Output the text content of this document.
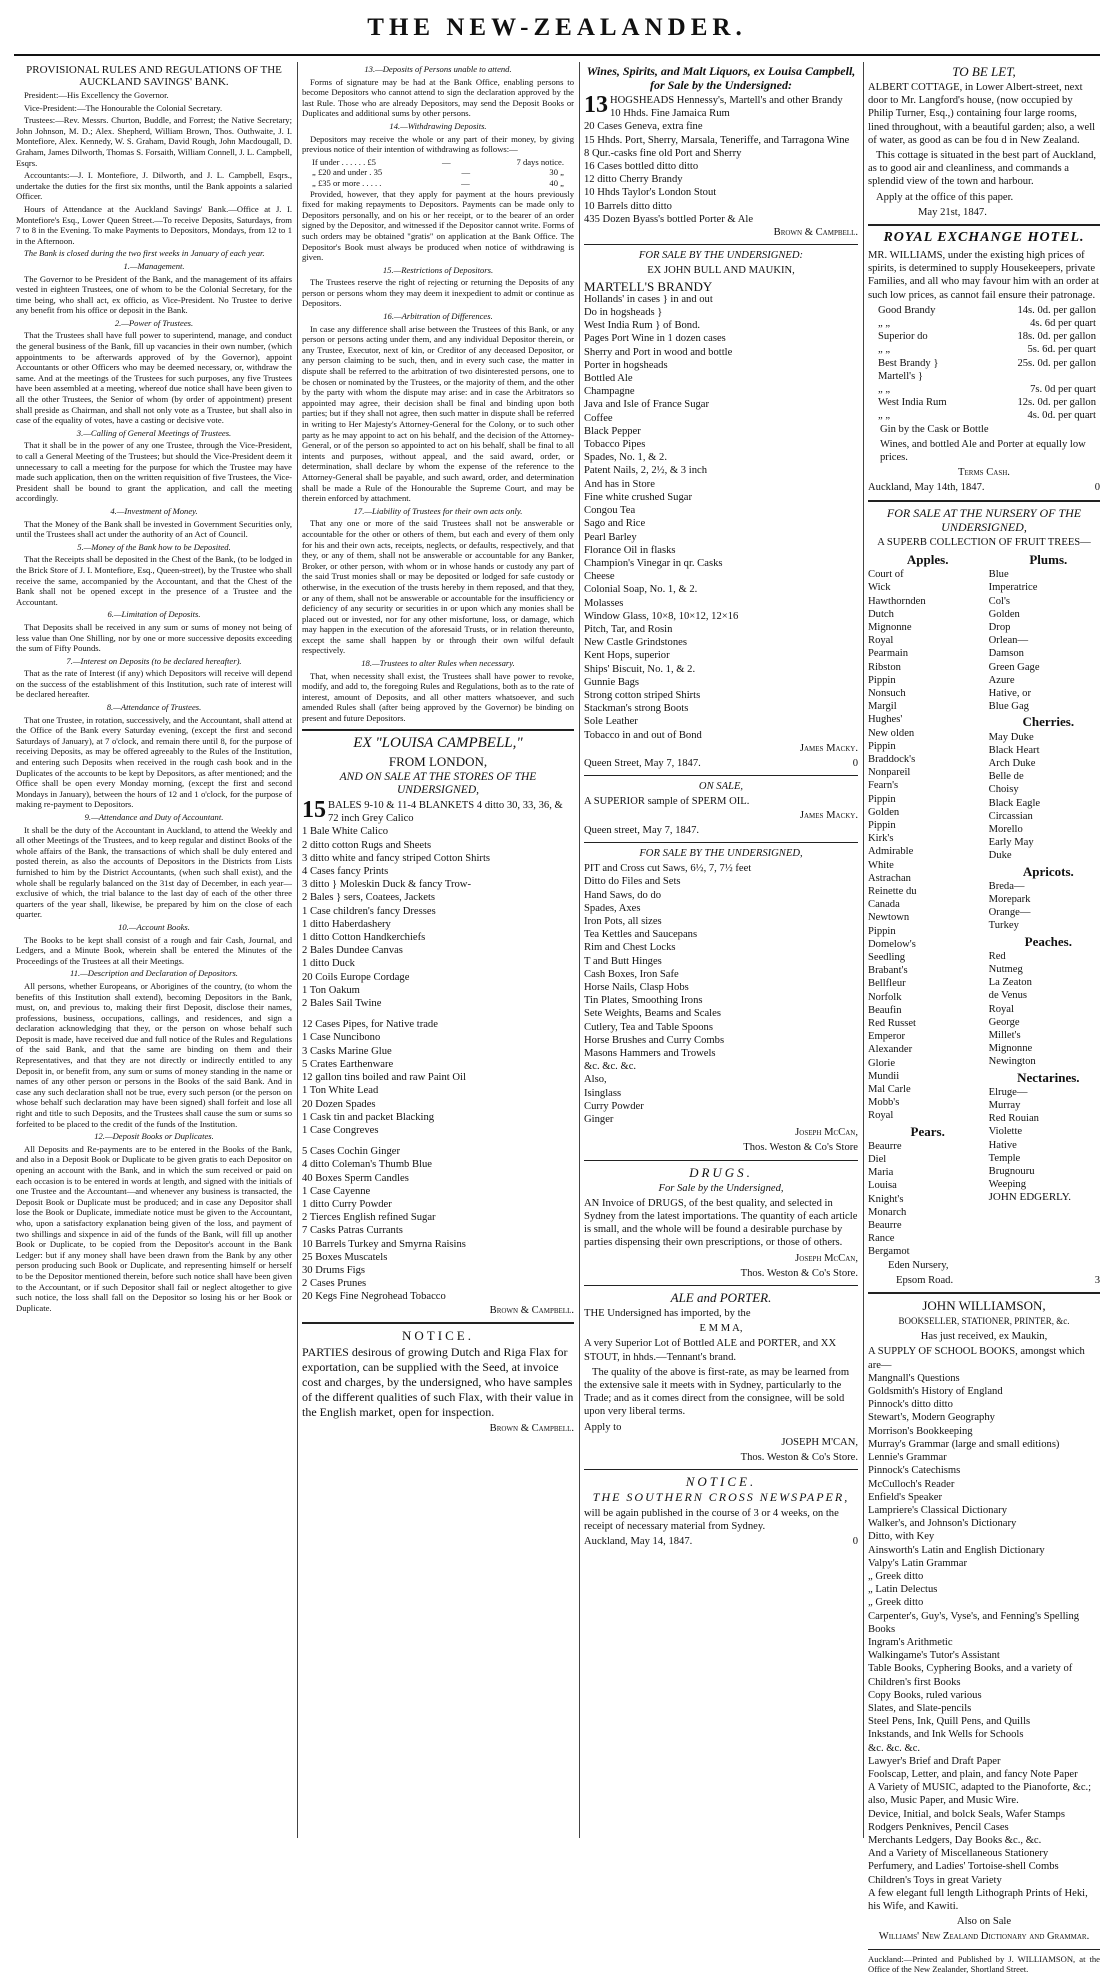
THE NEW-ZEALANDER.

PROVISIONAL RULES AND REGULATIONS OF THE AUCKLAND SAVINGS' BANK.

President:—His Excellency the Governor.

Vice-President:—The Honourable the Colonial Secretary.

Trustees:—Rev. Messrs. Churton, Buddle, and Forrest; the Native Secretary; John Johnson, M. D.; Alex. Shepherd, William Brown, Thos. Outhwaite, J. I. Montefiore, Alex. Kennedy, W. S. Graham, David Rough, John Macdougall, D. Graham, James Dilworth, Thomas S. Forsaith, William Connell, J. L. Campbell, Esqrs.

Accountants:—J. I. Montefiore, J. Dilworth, and J. L. Campbell, Esqrs., undertake the duties for the first six months, until the Bank appoints a salaried Officer.

Hours of Attendance at the Auckland Savings' Bank.—Office at J. I. Montefiore's Esq., Lower Queen Street.—To receive Deposits, Saturdays, from 7 to 8 in the Evening. To make Payments to Depositors, Mondays, from 12 to 1 in the Afternoon.

The Bank is closed during the two first weeks in January of each year.

1.—Management.

The Governor to be President of the Bank, and the management of its affairs vested in eighteen Trustees, one of whom to be the Colonial Secretary, for the time being, who shall act, ex officio, as Vice-President. No Trustee to derive any benefit from his office or deposit in the Bank.

2.—Power of Trustees.

That the Trustees shall have full power to superintend, manage, and conduct the general business of the Bank, fill up vacancies in their own number, (which appointments to be afterwards approved of by the Governor), appoint Accountants or other Officers who may be deemed necessary, or, withdraw the same. And at the meetings of the Trustees for such purposes, any five Trustees have been assembled at a meeting, whereof due notice shall have been given to all the other Trustees, the Senior of whom (by order of appointment) present shall preside as Chairman, and shall not only vote as a Trustee, but shall also in case of the equality of votes, have a casting or decisive vote.

3.—Calling of General Meetings of Trustees.

That it shall be in the power of any one Trustee, through the Vice-President, to call a General Meeting of the Trustees; but should the Vice-President deem it unnecessary to call a meeting for the purpose for which the Trustee may have made such application, then on the written requisition of five Trustees, the Vice-President shall be bound to grant the application, and call the meeting accordingly.

4.—Investment of Money.

That the Money of the Bank shall be invested in Government Securities only, until the Trustees shall act under the authority of an Act of Council.

5.—Money of the Bank how to be Deposited.

That the Receipts shall be deposited in the Chest of the Bank, (to be lodged in the Brick Store of J. I. Montefiore, Esq., Queen-street), by the Trustee who shall receive the same, accompanied by the Accountant, and that the Chest of the Bank shall not be opened except in the presence of a Trustee and the Accountant.

6.—Limitation of Deposits.

That Deposits shall be received in any sum or sums of money not being of less value than One Shilling, nor by one or more successive deposits exceeding the sum of Fifty Pounds.

7.—Interest on Deposits (to be declared hereafter).

That as the rate of Interest (if any) which Depositors will receive will depend on the success of the establishment of this Institution, such rate of interest will be declared hereafter.

8.—Attendance of Trustees.

That one Trustee, in rotation, successively, and the Accountant, shall attend at the Office of the Bank every Saturday evening, (except the first and second Saturdays of January), at 7 o'clock, and remain there until 8, for the purpose of receiving Deposits, as may be offered agreeably to the Rules of the Institution, and entering such Deposits when received in the rough cash book and in the Duplicates of the accounts to be kept by Depositors, as after mentioned; and the Office shall be open every Monday morning, (except the first and second Mondays in January), between the hours of 12 and 1 o'clock, for the purpose of making re-payment to Depositors.

9.—Attendance and Duty of Accountant.

It shall be the duty of the Accountant in Auckland, to attend the Weekly and all other Meetings of the Trustees, and to keep regular and distinct Books of the whole affairs of the Bank, the transactions of which shall be duly entered and posted therein, as also the accounts of Depositors in the Districts from Lists furnished to him by the District Accountants, (when such shall exist), and the whole shall be regularly balanced on the 31st day of December, in each year—exclusive of which, the trial balance to the last day of each of the other three quarters of the year shall, likewise, be prepared by him on the close of each quarter.

10.—Account Books.

The Books to be kept shall consist of a rough and fair Cash, Journal, and Ledgers, and a Minute Book, wherein shall be entered the Minutes of the Proceedings of the Trustees at all their Meetings.

11.—Description and Declaration of Depositors.

All persons, whether Europeans, or Aborigines of the country, (to whom the benefits of this Institution shall extend), becoming Depositors in the Bank, must, on, and previous to, making their first Deposit, disclose their names, professions, business, occupations, callings, and residences, and sign a declaration acknowledging that they, or the person on whose behalf such Deposit is made, have received due and full notice of the Rules and Regulations of the said Bank, and that the same are binding on them and their Representatives, and that they are not directly or indirectly entitled to any Deposit in, or benefit from, any sum or sums of money standing in the name or names of any other person or persons in the Books of the said Bank. And in case any such declaration shall not be true, every such person (or the person on whose behalf such declaration may have been signed) shall forfeit and lose all right and title to such Deposits, and the Trustees shall cause the sum or sums so forfeited to be placed to the credit of the funds of the Institution.

12.—Deposit Books or Duplicates.

All Deposits and Re-payments are to be entered in the Books of the Bank, and also in a Deposit Book or Duplicate to be given gratis to each Depositor on opening an account with the Bank, and in which the sum received or paid on each occasion is to be entered in words at length, and signed with the initials of one Trustee and the Accountant—and whenever any business is transacted, the Deposit Book or Duplicate must be produced; and in case any Depositor shall lose the Book or Duplicate, immediate notice must be given to the Accountant, who, upon a satisfactory explanation being given of the loss, and payment of two shillings and sixpence in aid of the funds of the Bank, will fill up another Book or Duplicate, to be copied from the Depositor's account in the Bank Ledger: but if any money shall have been drawn from the Bank by any other person producing such Book or Duplicate, and representing himself or herself to be the Depositor mentioned therein, before such notice shall have been given to the Accountant, or if such Depositor shall fail or neglect altogether to give such notice, the loss shall fall on the Depositor so losing his or her Book or Duplicate.

13.—Deposits of Persons unable to attend.

Forms of signature may be had at the Bank Office, enabling persons to become Depositors who cannot attend to sign the declaration approved by the last Rule. Those who are already Depositors, may send the Deposit Books or Duplicates and additional sums by other persons.

14.—Withdrawing Deposits.

Depositors may receive the whole or any part of their money, by giving previous notice of their intention of withdrawing as follows:—

If under . . . . . . £5	—	7 days notice.
„ £20 and under . 35	—	30 „
„ £35 or more . . . . .	—	40 „

Provided, however, that they apply for payment at the hours previously fixed for making repayments to Depositors. Payments can be made only to Depositors personally, and on his or her receipt, or to the bearer of an order signed by the Depositor, and witnessed if the Depositor cannot write. Forms of such orders may be obtained "gratis" on application at the Bank Office. The Depositor's Book must always be produced when notice of withdrawing is given.

15.—Restrictions of Depositors.

The Trustees reserve the right of rejecting or returning the Deposits of any person or persons whom they may deem it inexpedient to admit or continue as Depositors.

16.—Arbitration of Differences.

In case any difference shall arise between the Trustees of this Bank, or any person or persons acting under them, and any individual Depositor therein, or any Trustee, Executor, next of kin, or Creditor of any deceased Depositor, or any person claiming to be such, then, and in every such case, the matter in dispute shall be referred to the arbitration of two disinterested persons, one to be chosen or nominated by the Trustees, or the majority of them, and the other by the party with whom the dispute may arise: and in case the Arbitrators so appointed may agree, their decision shall be final and binding upon both parties; but if they shall not agree, then such matter in dispute shall be referred in writing to Her Majesty's Attorney-General for the Colony, or to such other party as he may appoint to act on his behalf, and the decision of the Attorney-General, or of the person so appointed to act on his behalf, shall be final to all intents and purposes, without appeal, and the said award, order, or determination, shall declare by whom the expense of the reference to the Attorney-General shall be payable, and such award, order, and determination shall be made a Rule of the Honourable the Supreme Court, and may be therein enforced by attachment.

17.—Liability of Trustees for their own acts only.

That any one or more of the said Trustees shall not be answerable or accountable for the other or others of them, but each and every of them only for his and their own acts, receipts, neglects, or defaults, respectively, and that they, or any of them, shall not be answerable or accountable for any Banker, Broker, or other person, with whom or in whose hands or custody any part of the said Trust monies shall or may be deposited or lodged for safe custody or otherwise, in the execution of the trusts hereby in them reposed, and that they, or any of them, shall not be answerable or accountable for the insufficiency or deficiency of any security or securities in or upon which any monies shall be placed out or invested, nor for any other misfortune, loss, or damage, which may happen in the execution of the aforesaid Trusts, or in relation thereunto, except the same shall happen by or through their own wilful default respectively.

18.—Trustees to alter Rules when necessary.

That, when necessity shall exist, the Trustees shall have power to revoke, modify, and add to, the foregoing Rules and Regulations, both as to the rate of interest, amount of Deposits, and all other matters whatsoever, and such amended Rules shall (after being approved by the Governor) be binding on present and future Depositors.

EX "LOUISA CAMPBELL,"

FROM LONDON,

AND ON SALE AT THE STORES OF THE UNDERSIGNED,

15 BALES 9-10 & 11-4 BLANKETS 4 ditto 30, 33, 36, & 72 inch Grey Calico

1 Bale White Calico

2 ditto cotton Rugs and Sheets

3 ditto white and fancy striped Cotton Shirts

4 Cases fancy Prints

3 ditto } Moleskin Duck & fancy Trow-

2 Bales } sers, Coatees, Jackets

1 Case children's fancy Dresses

1 ditto Haberdashery

1 ditto Cotton Handkerchiefs

2 Bales Dundee Canvas

1 ditto Duck

20 Coils Europe Cordage

1 Ton Oakum

2 Bales Sail Twine

12 Cases Pipes, for Native trade

1 Case Nuncibono

3 Casks Marine Glue

5 Crates Earthenware

12 gallon tins boiled and raw Paint Oil

1 Ton White Lead

20 Dozen Spades

1 Cask tin and packet Blacking

1 Case Congreves

5 Cases Cochin Ginger

4 ditto Coleman's Thumb Blue

40 Boxes Sperm Candles

1 Case Cayenne

1 ditto Curry Powder

2 Tierces English refined Sugar

7 Casks Patras Currants

10 Barrels Turkey and Smyrna Raisins

25 Boxes Muscatels

30 Drums Figs

2 Cases Prunes

20 Kegs Fine Negrohead Tobacco

Brown & Campbell.

NOTICE.

PARTIES desirous of growing Dutch and Riga Flax for exportation, can be supplied with the Seed, at invoice cost and charges, by the undersigned, who have samples of the different qualities of such Flax, with their value in the English market, open for inspection.

Brown & Campbell.

Wines, Spirits, and Malt Liquors, ex Louisa Campbell, for Sale by the Undersigned:

13 HOGSHEADS Hennessy's, Martell's and other Brandy

10 Hhds. Fine Jamaica Rum

20 Cases Geneva, extra fine

15 Hhds. Port, Sherry, Marsala, Teneriffe, and Tarragona Wine

8 Qur.-casks fine old Port and Sherry

16 Cases bottled ditto ditto

12 ditto Cherry Brandy

10 Hhds Taylor's London Stout

10 Barrels ditto ditto

435 Dozen Byass's bottled Porter & Ale

Brown & Campbell.

FOR SALE BY THE UNDERSIGNED:

EX JOHN BULL AND MAUKIN,

MARTELL'S BRANDY

Hollands' in cases } in and out

Do in hogsheads }

West India Rum } of Bond.

Pages Port Wine in 1 dozen cases

Sherry and Port in wood and bottle

Porter in hogsheads

Bottled Ale

Champagne

Java and Isle of France Sugar

Coffee

Black Pepper

Tobacco Pipes

Spades, No. 1, & 2.

Patent Nails, 2, 2½, & 3 inch

And has in Store

Fine white crushed Sugar

Congou Tea

Sago and Rice

Pearl Barley

Florance Oil in flasks

Champion's Vinegar in qr. Casks

Cheese

Colonial Soap, No. 1, & 2.

Molasses

Window Glass, 10×8, 10×12, 12×16

Pitch, Tar, and Rosin

New Castle Grindstones

Kent Hops, superior

Ships' Biscuit, No. 1, & 2.

Gunnie Bags

Strong cotton striped Shirts

Stackman's strong Boots

Sole Leather

Tobacco in and out of Bond

James Macky.

Queen Street, May 7, 1847.	0

ON SALE,

A SUPERIOR sample of SPERM OIL.

James Macky.

Queen street, May 7, 1847.

FOR SALE BY THE UNDERSIGNED,

PIT and Cross cut Saws, 6½, 7, 7½ feet

Ditto do Files and Sets

Hand Saws, do do

Spades, Axes

Iron Pots, all sizes

Tea Kettles and Saucepans

Rim and Chest Locks

T and Butt Hinges

Cash Boxes, Iron Safe

Horse Nails, Clasp Hobs

Tin Plates, Smoothing Irons

Sete Weights, Beams and Scales

Cutlery, Tea and Table Spoons

Horse Brushes and Curry Combs

Masons Hammers and Trowels

&c. &c. &c.

Also,

Isinglass

Curry Powder

Ginger

Joseph McCan,

Thos. Weston & Co's Store

DRUGS.

For Sale by the Undersigned,

AN Invoice of DRUGS, of the best quality, and selected in Sydney from the latest importations. The quantity of each article is small, and the whole will be found a desirable purchase by parties dispensing their own prescriptions, or those of others.

Joseph McCan,

Thos. Weston & Co's Store.

ALE and PORTER.

THE Undersigned has imported, by the

E M M A,

A very Superior Lot of Bottled ALE and PORTER, and XX STOUT, in hhds.—Tennant's brand.

The quality of the above is first-rate, as may be learned from the extensive sale it meets with in Sydney, particularly to the Trade; and as it comes direct from the consignee, will be sold upon very liberal terms.

Apply to

JOSEPH M'CAN,

Thos. Weston & Co's Store.

NOTICE.

THE SOUTHERN CROSS NEWSPAPER,

will be again published in the course of 3 or 4 weeks, on the receipt of necessary material from Sydney.

Auckland, May 14, 1847.	0

TO BE LET,

ALBERT COTTAGE, in Lower Albert-street, next door to Mr. Langford's house, (now occupied by Philip Turner, Esq.,) containing four large rooms, lined throughout, with a beautiful garden; also, a well of water, as good as can be fou d in New Zealand.

This cottage is situated in the best part of Auckland, as to good air and cleanliness, and commands a splendid view of the town and harbour.

Apply at the office of this paper.

May 21st, 1847.

ROYAL EXCHANGE HOTEL.

MR. WILLIAMS, under the existing high prices of spirits, is determined to supply Housekeepers, private Families, and all who may favour him with an order at such low prices, as cannot fail ensure their patronage.

Good Brandy	14s. 0d. per gallon
„ „	4s. 6d per quart
Superior do	18s. 0d. per gallon
„ „	5s. 6d. per quart
Best Brandy }	25s. 0d. per gallon
Martell's }
„ „	7s. 0d per quart
West India Rum	12s. 0d. per gallon
„ „	4s. 0d. per quart

Gin by the Cask or Bottle

Wines, and bottled Ale and Porter at equally low prices.

Terms Cash.

Auckland, May 14th, 1847.	0

FOR SALE AT THE NURSERY OF THE UNDERSIGNED,

A SUPERB COLLECTION OF FRUIT TREES—

Apples.

Court of Wick

Hawthornden

Dutch Mignonne

Royal Pearmain

Ribston Pippin

Nonsuch

Margil

Hughes' New olden Pippin

Braddock's Nonpareil

Fearn's Pippin

Golden Pippin

Kirk's Admirable

White Astrachan

Reinette du Canada

Newtown Pippin

Domelow's Seedling

Brabant's Bellfleur

Norfolk Beaufin

Red Russet

Emperor Alexander

Glorie Mundii

Mal Carle

Mobb's Royal

Pears.

Beaurre Diel

Maria Louisa

Knight's Monarch

Beaurre Rance

Bergamot

Plums.

Blue Imperatrice

Col's Golden Drop

Orlean—Damson

Green Gage

Azure Hative, or Blue Gag

Cherries.

May Duke

Black Heart

Arch Duke

Belle de Choisy

Black Eagle

Circassian

Morello

Early May Duke

Apricots.

Breda—Morepark

Orange—Turkey

Peaches.

Red Nutmeg

La Zeaton de Venus

Royal George

Millet's Mignonne

Newington

Nectarines.

Elruge—Murray

Red Rouian

Violette Hative

Temple

Brugnouru

Weeping

JOHN EDGERLY.

Eden Nursery,

Epsom Road.	3

JOHN WILLIAMSON,

BOOKSELLER, STATIONER, PRINTER, &c.

Has just received, ex Maukin,

A SUPPLY OF SCHOOL BOOKS, amongst which are—

Mangnall's Questions

Goldsmith's History of England

Pinnock's ditto ditto

Stewart's, Modern Geography

Morrison's Bookkeeping

Murray's Grammar (large and small editions)

Lennie's Grammar

Pinnock's Catechisms

McCulloch's Reader

Enfield's Speaker

Lampriere's Classical Dictionary

Walker's, and Johnson's Dictionary

Ditto, with Key

Ainsworth's Latin and English Dictionary

Valpy's Latin Grammar

„ Greek ditto

„ Latin Delectus

„ Greek ditto

Carpenter's, Guy's, Vyse's, and Fenning's Spelling Books

Ingram's Arithmetic

Walkingame's Tutor's Assistant

Table Books, Cyphering Books, and a variety of Children's first Books

Copy Books, ruled various

Slates, and Slate-pencils

Steel Pens, Ink, Quill Pens, and Quills

Inkstands, and Ink Wells for Schools

&c. &c. &c.

Lawyer's Brief and Draft Paper

Foolscap, Letter, and plain, and fancy Note Paper

A Variety of MUSIC, adapted to the Pianoforte, &c.; also, Music Paper, and Music Wire.

Device, Initial, and bolck Seals, Wafer Stamps

Rodgers Penknives, Pencil Cases

Merchants Ledgers, Day Books &c., &c.

And a Variety of Miscellaneous Stationery

Perfumery, and Ladies' Tortoise-shell Combs

Children's Toys in great Variety

A few elegant full length Lithograph Prints of Heki, his Wife, and Kawiti.

Also on Sale

Williams' New Zealand Dictionary and Grammar.

Auckland:—Printed and Published by J. WILLIAMSON, at the Office of the New Zealander, Shortland Street.
